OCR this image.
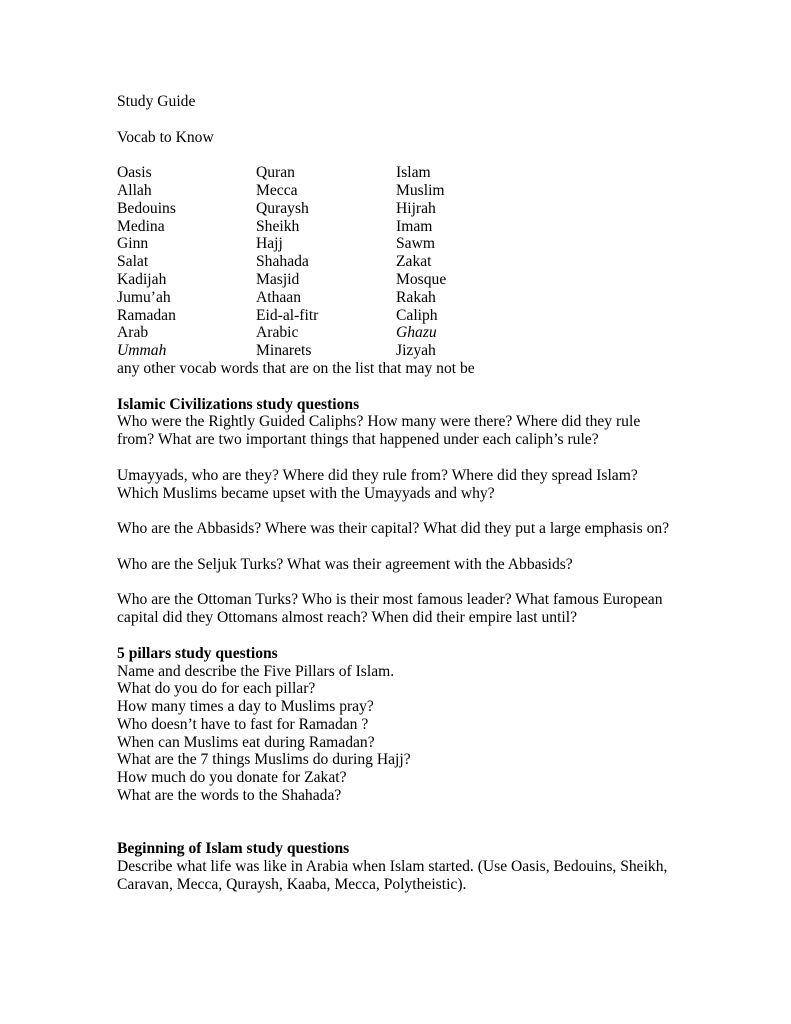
Study Guide
Vocab to Know
Oasis	Quran	Islam
Allah	Mecca	Muslim
Bedouins	Quraysh	Hijrah
Medina	Sheikh	Imam
Ginn	Hajj	Sawm
Salat	Shahada	Zakat
Kadijah	Masjid	Mosque
Jumu’ah	Athaan	Rakah
Ramadan	Eid-al-fitr	Caliph
Arab	Arabic	Ghazu
Ummah	Minarets	Jizyah
any other vocab words that are on the list that may not be
Islamic Civilizations study questions
Who were the Rightly Guided Caliphs? How many were there? Where did they rule
from? What are two important things that happened under each caliph’s rule?
Umayyads, who are they? Where did they rule from? Where did they spread Islam?
Which Muslims became upset with the Umayyads and why?
Who are the Abbasids? Where was their capital? What did they put a large emphasis on?
Who are the Seljuk Turks? What was their agreement with the Abbasids?
Who are the Ottoman Turks? Who is their most famous leader? What famous European
capital did they Ottomans almost reach? When did their empire last until?
5 pillars study questions
Name and describe the Five Pillars of Islam.
What do you do for each pillar?
How many times a day to Muslims pray?
Who doesn’t have to fast for Ramadan ?
When can Muslims eat during Ramadan?
What are the 7 things Muslims do during Hajj?
How much do you donate for Zakat?
What are the words to the Shahada?
Beginning of Islam study questions
Describe what life was like in Arabia when Islam started. (Use Oasis, Bedouins, Sheikh,
Caravan, Mecca, Quraysh, Kaaba, Mecca, Polytheistic).
